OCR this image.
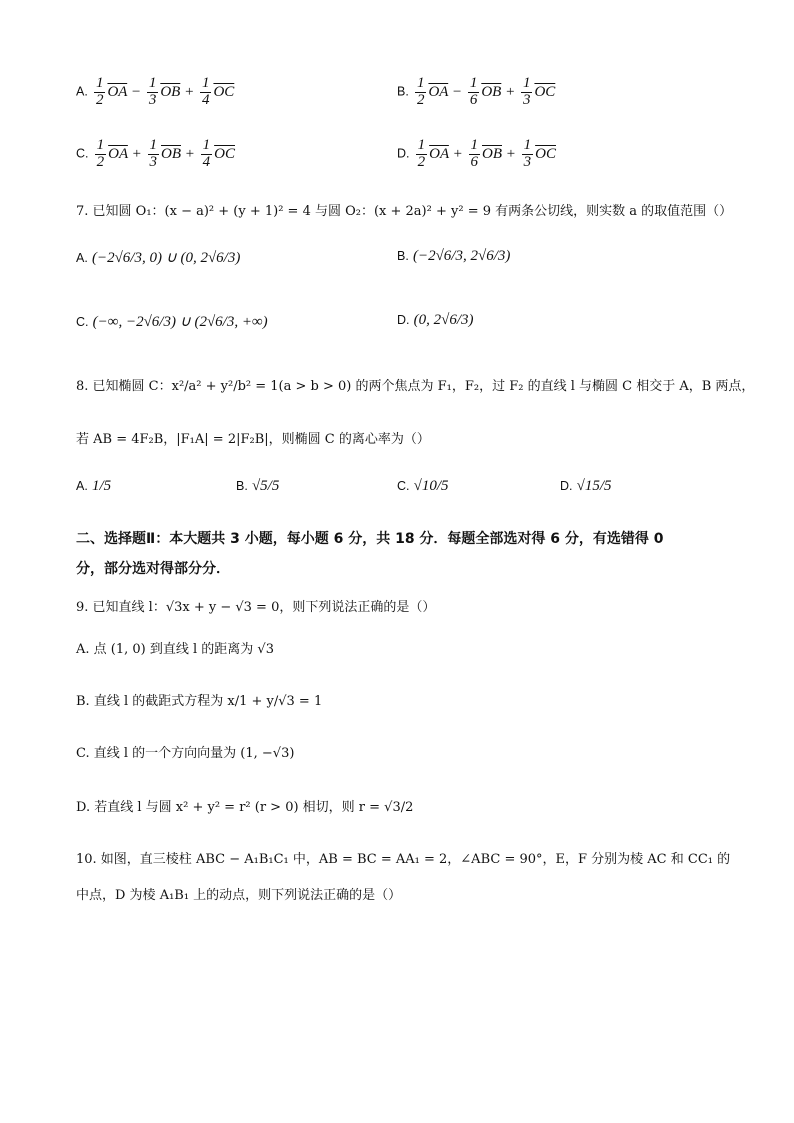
A. $\frac{1}{2} \overline{OA} - \frac{1}{3} \overline{OB} + \frac{1}{4} \overline{OC}$	B. $\frac{1}{2} \overline{OA} - \frac{1}{6} \overline{OB} + \frac{1}{3} \overline{OC}$
C. $\frac{1}{2} \overline{OA} + \frac{1}{3} \overline{OB} + \frac{1}{4} \overline{OC}$	D. $\frac{1}{2} \overline{OA} + \frac{1}{6} \overline{OB} + \frac{1}{3} \overline{OC}$
7. 已知圆 O₁：(x − a)² + (y + 1)² = 4 与圆 O₂：(x + 2a)² + y² = 9 有两条公切线，则实数 a 的取值范围（）
A. (−2√6/3, 0) ∪ (0, 2√6/3)	B. (−2√6/3, 2√6/3)
C. (−∞, −2√6/3) ∪ (2√6/3, +∞)	D. (0, 2√6/3)
8. 已知椭圆 C：x²/a² + y²/b² = 1(a > b > 0) 的两个焦点为 F₁，F₂，过 F₂ 的直线 l 与椭圆 C 相交于 A，B 两点，
若 AB = 4F₂B，|F₁A| = 2|F₂B|，则椭圆 C 的离心率为（）
A. 1/5	B. √5/5	C. √10/5	D. √15/5
二、选择题Ⅱ：本大题共 3 小题，每小题 6 分，共 18 分．每题全部选对得 6 分，有选错得 0
分，部分选对得部分分．
9. 已知直线 l：√3x + y − √3 = 0，则下列说法正确的是（）
A. 点 (1, 0) 到直线 l 的距离为 √3
B. 直线 l 的截距式方程为 x/1 + y/√3 = 1
C. 直线 l 的一个方向向量为 (1, −√3)
D. 若直线 l 与圆 x² + y² = r² (r > 0) 相切，则 r = √3/2
10. 如图，直三棱柱 ABC − A₁B₁C₁ 中，AB = BC = AA₁ = 2，∠ABC = 90°，E，F 分别为棱 AC 和 CC₁ 的
中点，D 为棱 A₁B₁ 上的动点，则下列说法正确的是（）
